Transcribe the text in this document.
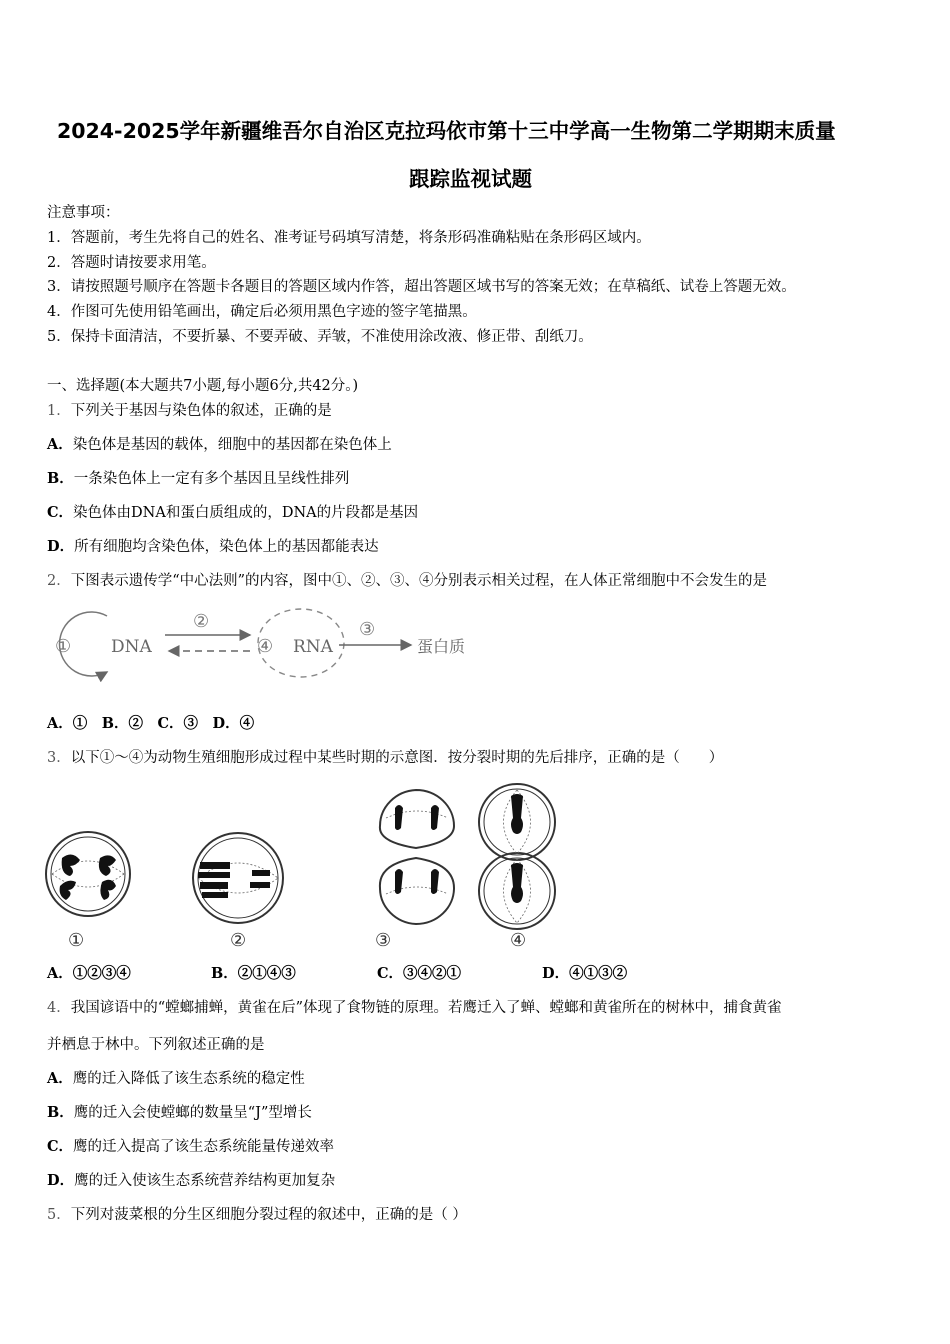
2024-2025学年新疆维吾尔自治区克拉玛依市第十三中学高一生物第二学期期末质量
跟踪监视试题
注意事项：
1．答题前，考生先将自己的姓名、准考证号码填写清楚，将条形码准确粘贴在条形码区域内。
2．答题时请按要求用笔。
3．请按照题号顺序在答题卡各题目的答题区域内作答，超出答题区域书写的答案无效；在草稿纸、试卷上答题无效。
4．作图可先使用铅笔画出，确定后必须用黑色字迹的签字笔描黑。
5．保持卡面清洁，不要折暴、不要弄破、弄皱，不准使用涂改液、修正带、刮纸刀。
一、选择题(本大题共7小题,每小题6分,共42分。)
1．下列关于基因与染色体的叙述，正确的是
A．染色体是基因的载体，细胞中的基因都在染色体上
B．一条染色体上一定有多个基因且呈线性排列
C．染色体由DNA和蛋白质组成的，DNA的片段都是基因
D．所有细胞均含染色体，染色体上的基因都能表达
2．下图表示遗传学“中心法则”的内容，图中①、②、③、④分别表示相关过程，在人体正常细胞中不会发生的是
① DNA
②
④ RNA
③
蛋白质
A．①　B．②　C．③　D．④
3．以下①～④为动物生殖细胞形成过程中某些时期的示意图．按分裂时期的先后排序，正确的是（　　）
①	②	③	④
A．①②③④	B．②①④③	C．③④②①	D．④①③②
4．我国谚语中的“螳螂捕蝉，黄雀在后”体现了食物链的原理。若鹰迁入了蝉、螳螂和黄雀所在的树林中，捕食黄雀
并栖息于林中。下列叙述正确的是
A．鹰的迁入降低了该生态系统的稳定性
B．鹰的迁入会使螳螂的数量呈“J”型增长
C．鹰的迁入提高了该生态系统能量传递效率
D．鹰的迁入使该生态系统营养结构更加复杂
5．下列对菠菜根的分生区细胞分裂过程的叙述中，正确的是（ ）
